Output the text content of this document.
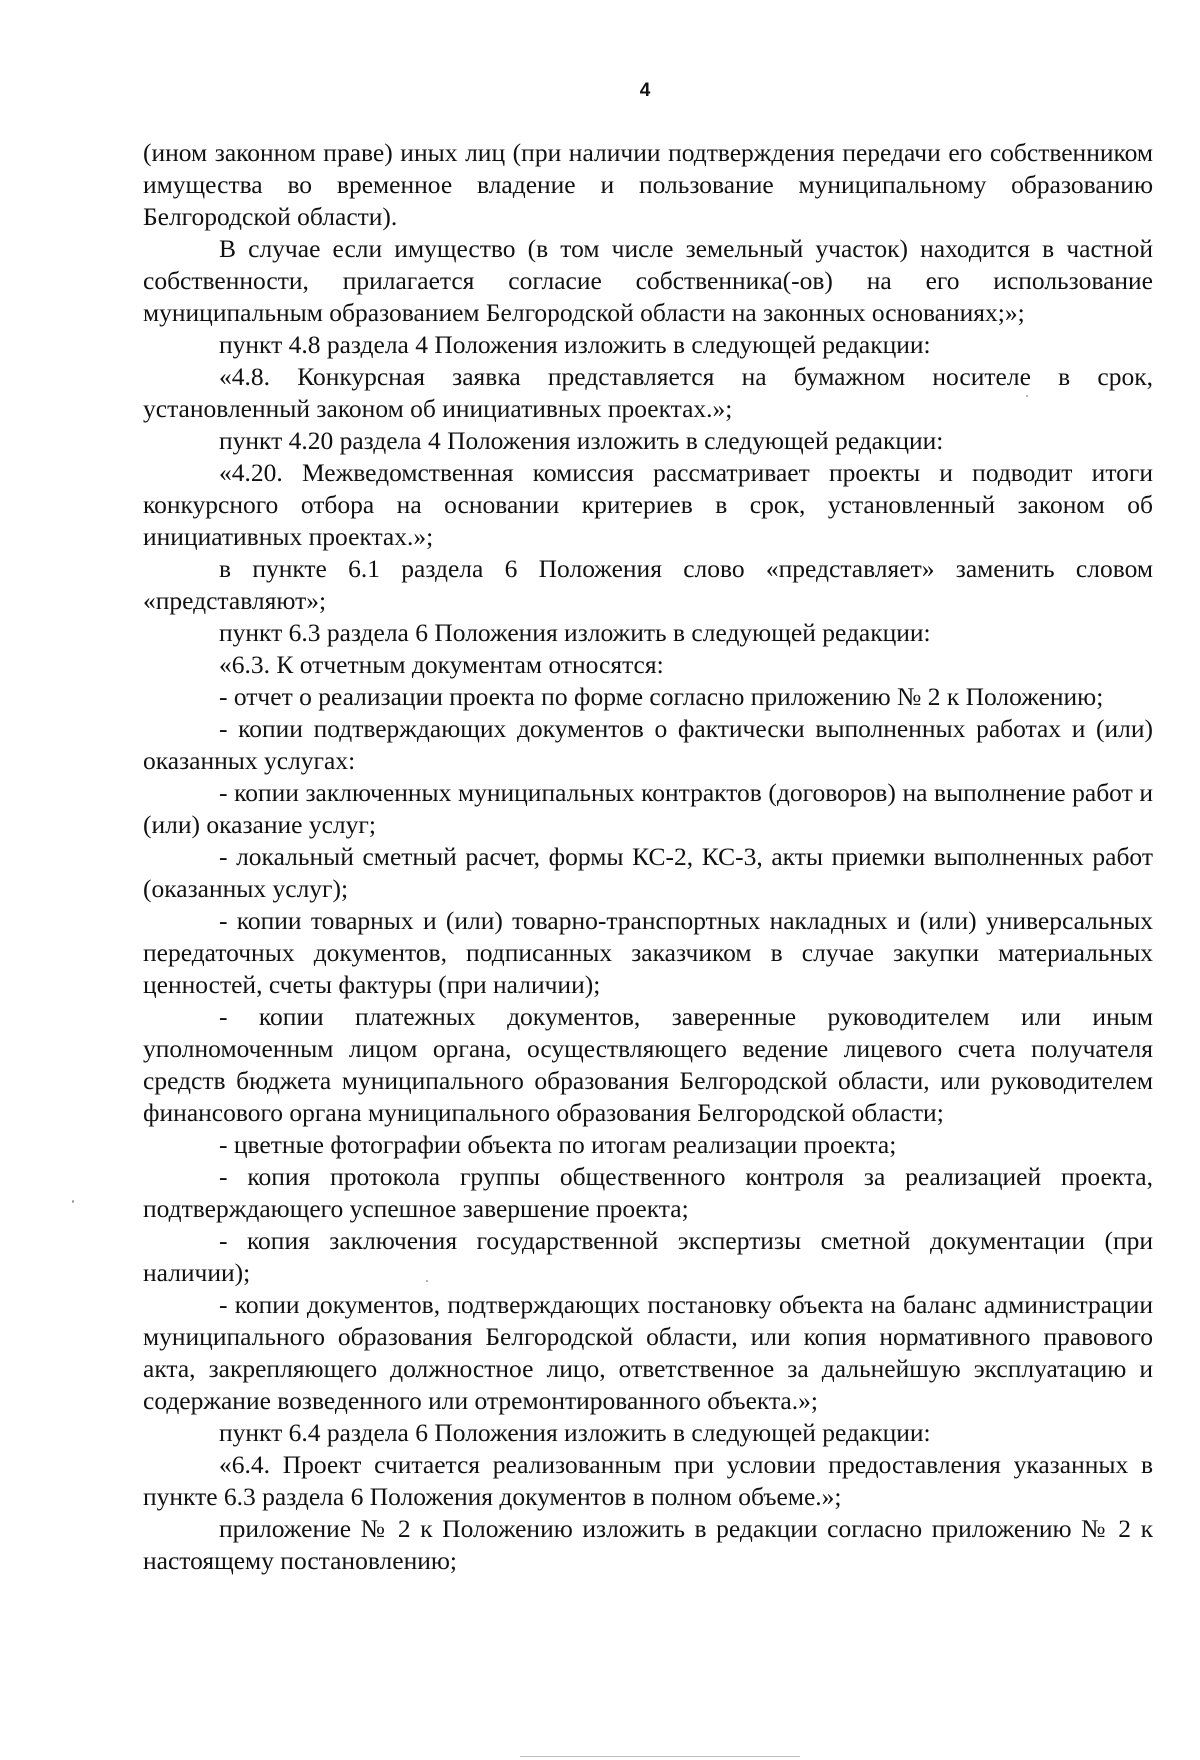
4

(ином законном праве) иных лиц (при наличии подтверждения передачи его собственником имущества во временное владение и пользование муниципальному образованию Белгородской области).

В случае если имущество (в том числе земельный участок) находится в частной собственности, прилагается согласие собственника(-ов) на его использование муниципальным образованием Белгородской области на законных основаниях;»;

пункт 4.8 раздела 4 Положения изложить в следующей редакции:

«4.8. Конкурсная заявка представляется на бумажном носителе в срок, установленный законом об инициативных проектах.»;

пункт 4.20 раздела 4 Положения изложить в следующей редакции:

«4.20. Межведомственная комиссия рассматривает проекты и подводит итоги конкурсного отбора на основании критериев в срок, установленный законом об инициативных проектах.»;

в пункте 6.1 раздела 6 Положения слово «представляет» заменить словом «представляют»;

пункт 6.3 раздела 6 Положения изложить в следующей редакции:

«6.3. К отчетным документам относятся:

- отчет о реализации проекта по форме согласно приложению № 2 к Положению;

- копии подтверждающих документов о фактически выполненных работах и (или) оказанных услугах:

- копии заключенных муниципальных контрактов (договоров) на выполнение работ и (или) оказание услуг;

- локальный сметный расчет, формы КС-2, КС-3, акты приемки выполненных работ (оказанных услуг);

- копии товарных и (или) товарно-транспортных накладных и (или) универсальных передаточных документов, подписанных заказчиком в случае закупки материальных ценностей, счеты фактуры (при наличии);

- копии платежных документов, заверенные руководителем или иным уполномоченным лицом органа, осуществляющего ведение лицевого счета получателя средств бюджета муниципального образования Белгородской области, или руководителем финансового органа муниципального образования Белгородской области;

- цветные фотографии объекта по итогам реализации проекта;

- копия протокола группы общественного контроля за реализацией проекта, подтверждающего успешное завершение проекта;

- копия заключения государственной экспертизы сметной документации (при наличии);

- копии документов, подтверждающих постановку объекта на баланс администрации муниципального образования Белгородской области, или копия нормативного правового акта, закрепляющего должностное лицо, ответственное за дальнейшую эксплуатацию и содержание возведенного или отремонтированного объекта.»;

пункт 6.4 раздела 6 Положения изложить в следующей редакции:

«6.4. Проект считается реализованным при условии предоставления указанных в пункте 6.3 раздела 6 Положения документов в полном объеме.»;

приложение № 2 к Положению изложить в редакции согласно приложению № 2 к настоящему постановлению;
